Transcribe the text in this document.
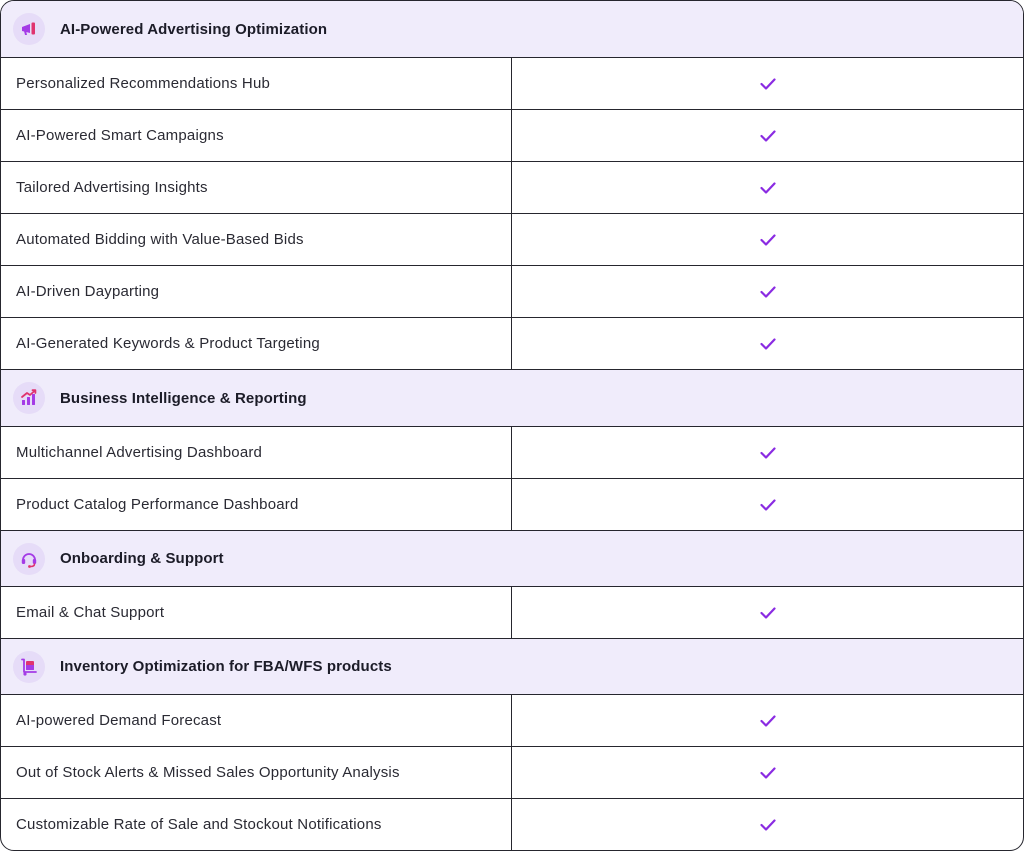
AI-Powered Advertising Optimization
Personalized Recommendations Hub
AI-Powered Smart Campaigns
Tailored Advertising Insights
Automated Bidding with Value-Based Bids
AI-Driven Dayparting
AI-Generated Keywords & Product Targeting
Business Intelligence & Reporting
Multichannel Advertising Dashboard
Product Catalog Performance Dashboard
Onboarding & Support
Email & Chat Support
Inventory Optimization for FBA/WFS products
AI-powered Demand Forecast
Out of Stock Alerts & Missed Sales Opportunity Analysis
Customizable Rate of Sale and Stockout Notifications
